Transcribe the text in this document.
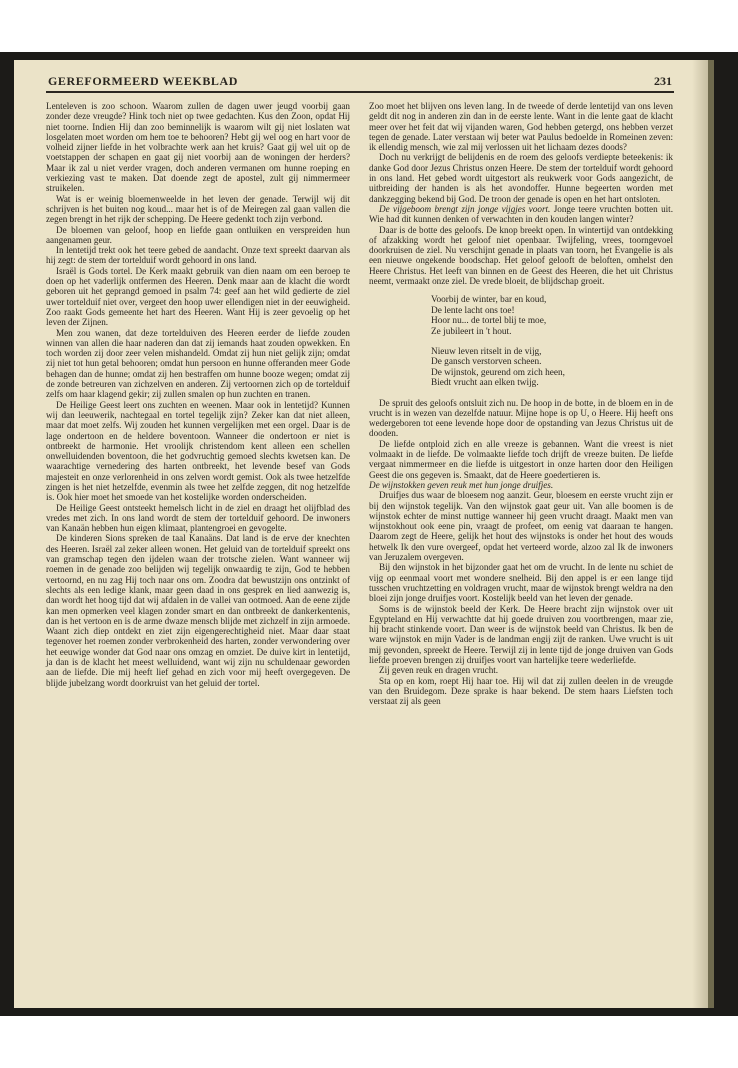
GEREFORMEERD WEEKBLAD	231

Lenteleven is zoo schoon. Waarom zullen de dagen uwer jeugd voorbij gaan zonder deze vreugde? Hink toch niet op twee gedachten. Kus den Zoon, opdat Hij niet toorne. Indien Hij dan zoo beminnelijk is waarom wilt gij niet loslaten wat losgelaten moet worden om hem toe te behooren? Hebt gij wel oog en hart voor de volheid zijner liefde in het volbrachte werk aan het kruis? Gaat gij wel uit op de voetstappen der schapen en gaat gij niet voorbij aan de woningen der herders? Maar ik zal u niet verder vragen, doch anderen vermanen om hunne roeping en verkiezing vast te maken. Dat doende zegt de apostel, zult gij nimmermeer struikelen.

Wat is er weinig bloemenweelde in het leven der genade. Terwijl wij dit schrijven is het buiten nog koud... maar het is of de Meiregen zal gaan vallen die zegen brengt in het rijk der schepping. De Heere gedenkt toch zijn verbond.

De bloemen van geloof, hoop en liefde gaan ontluiken en verspreiden hun aangenamen geur.

In lentetijd trekt ook het teere gebed de aandacht. Onze text spreekt daarvan als hij zegt: de stem der tortelduif wordt gehoord in ons land.

Israël is Gods tortel. De Kerk maakt gebruik van dien naam om een beroep te doen op het vaderlijk ontfermen des Heeren. Denk maar aan de klacht die wordt geboren uit het geprangd gemoed in psalm 74: geef aan het wild gedierte de ziel uwer tortelduif niet over, vergeet den hoop uwer ellendigen niet in der eeuwigheid. Zoo raakt Gods gemeente het hart des Heeren. Want Hij is zeer gevoelig op het leven der Zijnen.

Men zou wanen, dat deze tortelduiven des Heeren eerder de liefde zouden winnen van allen die haar naderen dan dat zij iemands haat zouden opwekken. En toch worden zij door zeer velen mishandeld. Omdat zij hun niet gelijk zijn; omdat zij niet tot hun getal behooren; omdat hun persoon en hunne offeranden meer Gode behagen dan de hunne; omdat zij hen bestraffen om hunne booze wegen; omdat zij de zonde betreuren van zichzelven en anderen. Zij vertoornen zich op de tortelduif zelfs om haar klagend gekir; zij zullen smalen op hun zuchten en tranen.

De Heilige Geest leert ons zuchten en weenen. Maar ook in lentetijd? Kunnen wij dan leeuwerik, nachtegaal en tortel tegelijk zijn? Zeker kan dat niet alleen, maar dat moet zelfs. Wij zouden het kunnen vergelijken met een orgel. Daar is de lage ondertoon en de heldere boventoon. Wanneer die ondertoon er niet is ontbreekt de harmonie. Het vroolijk christendom kent alleen een schellen onwelluidenden boventoon, die het godvruchtig gemoed slechts kwetsen kan. De waarachtige vernedering des harten ontbreekt, het levende besef van Gods majesteit en onze verlorenheid in ons zelven wordt gemist. Ook als twee hetzelfde zingen is het niet hetzelfde, evenmin als twee het zelfde zeggen, dit nog hetzelfde is. Ook hier moet het smoede van het kostelijke worden onderscheiden.

De Heilige Geest ontsteekt hemelsch licht in de ziel en draagt het olijfblad des vredes met zich. In ons land wordt de stem der tortelduif gehoord. De inwoners van Kanaän hebben hun eigen klimaat, plantengroei en gevogelte.

De kinderen Sions spreken de taal Kanaäns. Dat land is de erve der knechten des Heeren. Israël zal zeker alleen wonen. Het geluid van de tortelduif spreekt ons van gramschap tegen den ijdelen waan der trotsche zielen. Want wanneer wij roemen in de genade zoo belijden wij tegelijk onwaardig te zijn, God te hebben vertoornd, en nu zag Hij toch naar ons om. Zoodra dat bewustzijn ons ontzinkt of slechts als een ledige klank, maar geen daad in ons gesprek en lied aanwezig is, dan wordt het hoog tijd dat wij afdalen in de vallei van ootmoed. Aan de eene zijde kan men opmerken veel klagen zonder smart en dan ontbreekt de dankerkentenis, dan is het vertoon en is de arme dwaze mensch blijde met zichzelf in zijn armoede. Waant zich diep ontdekt en ziet zijn eigengerechtigheid niet. Maar daar staat tegenover het roemen zonder verbrokenheid des harten, zonder verwondering over het eeuwige wonder dat God naar ons omzag en omziet. De duive kirt in lentetijd, ja dan is de klacht het meest welluidend, want wij zijn nu schuldenaar geworden aan de liefde. Die mij heeft lief gehad en zich voor mij heeft overgegeven. De blijde jubelzang wordt doorkruist van het geluid der tortel.

Zoo moet het blijven ons leven lang. In de tweede of derde lentetijd van ons leven geldt dit nog in anderen zin dan in de eerste lente. Want in die lente gaat de klacht meer over het feit dat wij vijanden waren, God hebben getergd, ons hebben verzet tegen de genade. Later verstaan wij beter wat Paulus bedoelde in Romeinen zeven: ik ellendig mensch, wie zal mij verlossen uit het lichaam dezes doods?

Doch nu verkrijgt de belijdenis en de roem des geloofs verdiepte beteekenis: ik danke God door Jezus Christus onzen Heere. De stem der tortelduif wordt gehoord in ons land. Het gebed wordt uitgestort als reukwerk voor Gods aangezicht, de uitbreiding der handen is als het avondoffer. Hunne begeerten worden met dankzegging bekend bij God. De troon der genade is open en het hart ontsloten.

De vijgeboom brengt zijn jonge vijgjes voort. Jonge teere vruchten botten uit. Wie had dit kunnen denken of verwachten in den kouden langen winter?

Daar is de botte des geloofs. De knop breekt open. In wintertijd van ontdekking of afzakking wordt het geloof niet openbaar. Twijfeling, vrees, toorngevoel doorkruisen de ziel. Nu verschijnt genade in plaats van toorn, het Evangelie is als een nieuwe ongekende boodschap. Het geloof gelooft de beloften, omhelst den Heere Christus. Het leeft van binnen en de Geest des Heeren, die het uit Christus neemt, vermaakt onze ziel. De vrede bloeit, de blijdschap groeit.

Voorbij de winter, bar en koud,
De lente lacht ons toe!
Hoor nu... de tortel blij te moe,
Ze jubileert in 't hout.
Nieuw leven ritselt in de vijg,
De gansch verstorven scheen.
De wijnstok, geurend om zich heen,
Biedt vrucht aan elken twijg.

De spruit des geloofs ontsluit zich nu. De hoop in de botte, in de bloem en in de vrucht is in wezen van dezelfde natuur. Mijne hope is op U, o Heere. Hij heeft ons wedergeboren tot eene levende hope door de opstanding van Jezus Christus uit de dooden.

De liefde ontploid zich en alle vreeze is gebannen. Want die vreest is niet volmaakt in de liefde. De volmaakte liefde toch drijft de vreeze buiten. De liefde vergaat nimmermeer en die liefde is uitgestort in onze harten door den Heiligen Geest die ons gegeven is. Smaakt, dat de Heere goedertieren is.

De wijnstokken geven reuk met hun jonge druifjes.

Druifjes dus waar de bloesem nog aanzit. Geur, bloesem en eerste vrucht zijn er bij den wijnstok tegelijk. Van den wijnstok gaat geur uit. Van alle boomen is de wijnstok echter de minst nuttige wanneer hij geen vrucht draagt. Maakt men van wijnstokhout ook eene pin, vraagt de profeet, om eenig vat daaraan te hangen. Daarom zegt de Heere, gelijk het hout des wijnstoks is onder het hout des wouds hetwelk Ik den vure overgeef, opdat het verteerd worde, alzoo zal Ik de inwoners van Jeruzalem overgeven.

Bij den wijnstok in het bijzonder gaat het om de vrucht. In de lente nu schiet de vijg op eenmaal voort met wondere snelheid. Bij den appel is er een lange tijd tusschen vruchtzetting en voldragen vrucht, maar de wijnstok brengt weldra na den bloei zijn jonge druifjes voort. Kostelijk beeld van het leven der genade.

Soms is de wijnstok beeld der Kerk. De Heere bracht zijn wijnstok over uit Egypteland en Hij verwachtte dat hij goede druiven zou voortbrengen, maar zie, hij bracht stinkende voort. Dan weer is de wijnstok beeld van Christus. Ik ben de ware wijnstok en mijn Vader is de landman engij zijt de ranken. Uwe vrucht is uit mij gevonden, spreekt de Heere. Terwijl zij in lente tijd de jonge druiven van Gods liefde proeven brengen zij druifjes voort van hartelijke teere wederliefde.

Zij geven reuk en dragen vrucht.

Sta op en kom, roept Hij haar toe. Hij wil dat zij zullen deelen in de vreugde van den Bruidegom. Deze sprake is haar bekend. De stem haars Liefsten toch verstaat zij als geen
